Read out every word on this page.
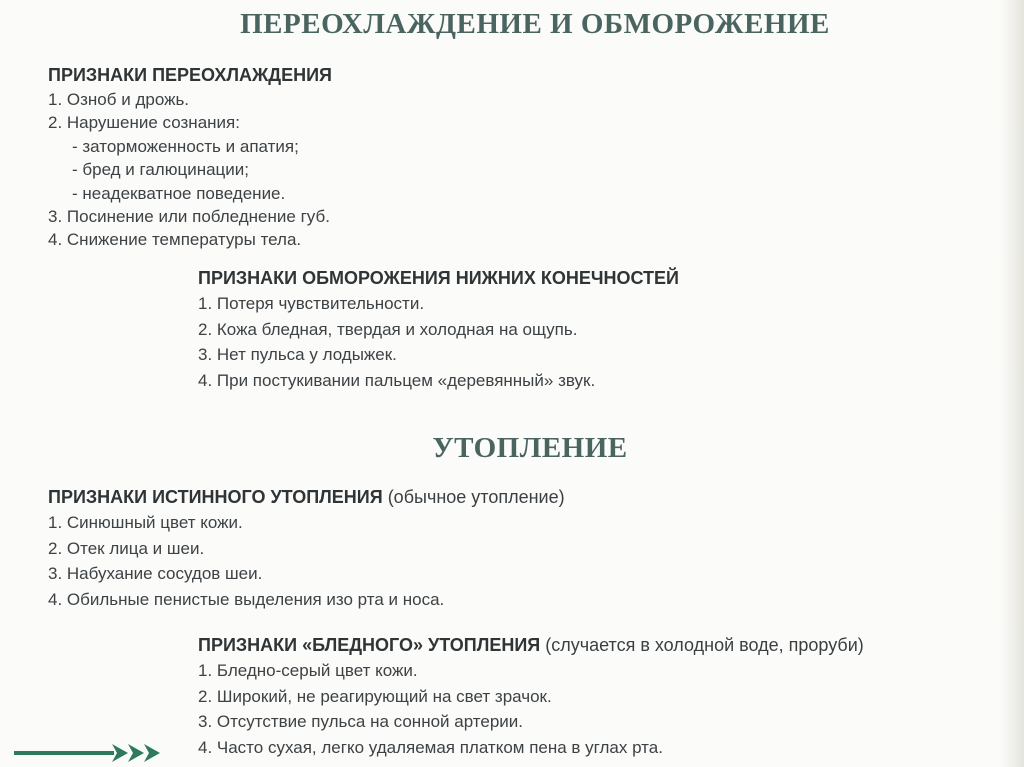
ПЕРЕОХЛАЖДЕНИЕ И ОБМОРОЖЕНИЕ
ПРИЗНАКИ ПЕРЕОХЛАЖДЕНИЯ
1. Озноб и дрожь.
2. Нарушение сознания:
- заторможенность и апатия;
- бред и галюцинации;
- неадекватное поведение.
3. Посинение или побледнение губ.
4. Снижение температуры тела.
ПРИЗНАКИ ОБМОРОЖЕНИЯ НИЖНИХ КОНЕЧНОСТЕЙ
1. Потеря чувствительности.
2. Кожа бледная, твердая и холодная на ощупь.
3. Нет пульса у лодыжек.
4. При постукивании пальцем «деревянный» звук.
УТОПЛЕНИЕ
ПРИЗНАКИ ИСТИННОГО УТОПЛЕНИЯ (обычное утопление)
1. Синюшный цвет кожи.
2. Отек лица и шеи.
3. Набухание сосудов шеи.
4. Обильные пенистые выделения изо рта и носа.
ПРИЗНАКИ «БЛЕДНОГО» УТОПЛЕНИЯ (случается в холодной воде, проруби)
1. Бледно-серый цвет кожи.
2. Широкий, не реагирующий на свет зрачок.
3. Отсутствие пульса на сонной артерии.
4. Часто сухая, легко удаляемая платком пена в углах рта.
